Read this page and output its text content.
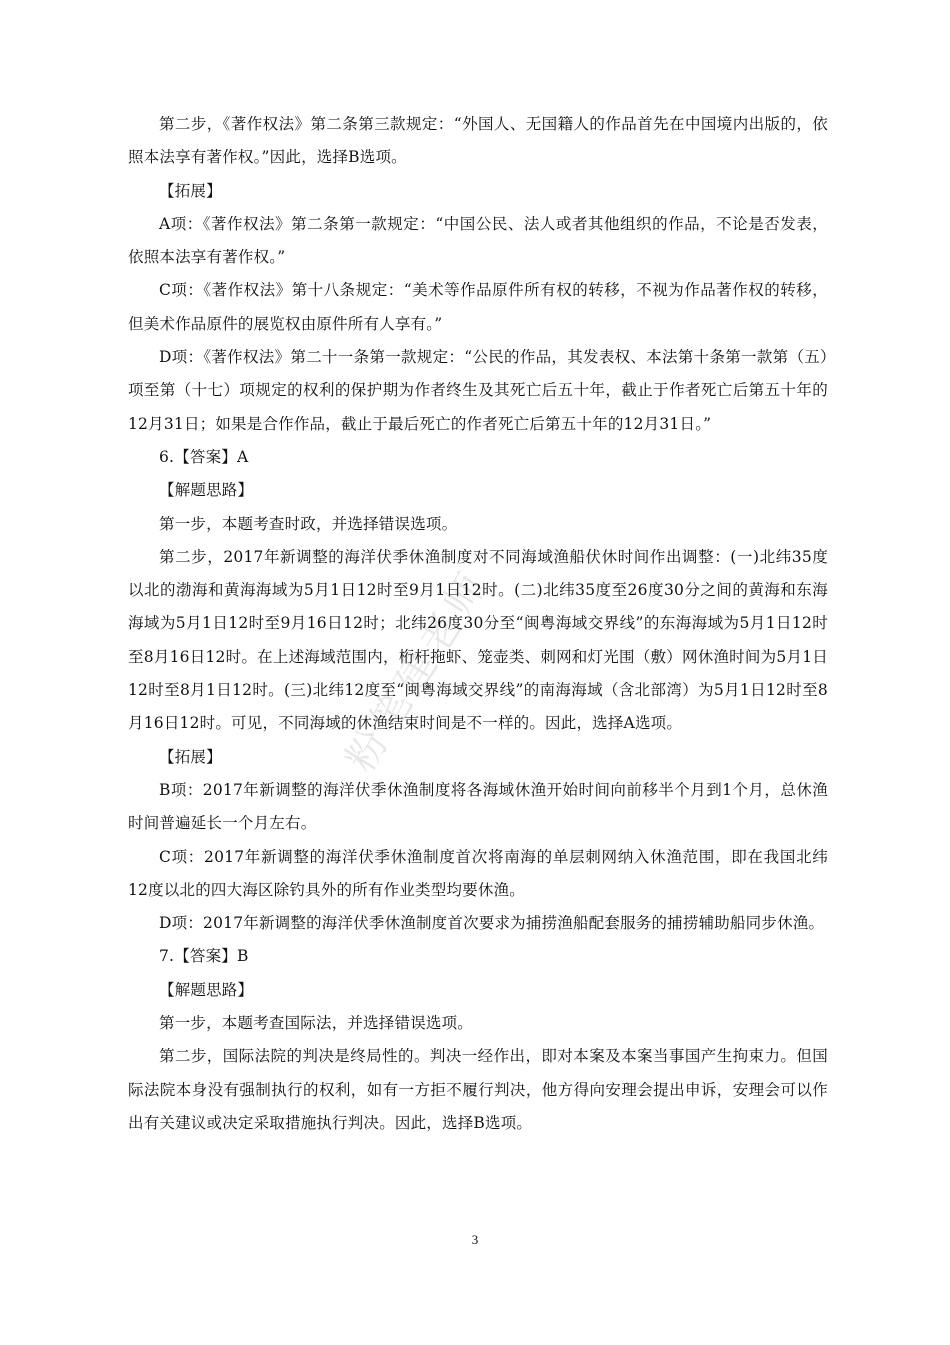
粉笔建老师

第二步，《著作权法》第二条第三款规定：“外国人、无国籍人的作品首先在中国境内出版的，依照本法享有著作权。”因此，选择B选项。

【拓展】

A项：《著作权法》第二条第一款规定：“中国公民、法人或者其他组织的作品，不论是否发表，依照本法享有著作权。”

C项：《著作权法》第十八条规定：“美术等作品原件所有权的转移，不视为作品著作权的转移，但美术作品原件的展览权由原件所有人享有。”

D项：《著作权法》第二十一条第一款规定：“公民的作品，其发表权、本法第十条第一款第（五）项至第（十七）项规定的权利的保护期为作者终生及其死亡后五十年，截止于作者死亡后第五十年的12月31日；如果是合作作品，截止于最后死亡的作者死亡后第五十年的12月31日。”

6.【答案】A

【解题思路】

第一步，本题考查时政，并选择错误选项。

第二步，2017年新调整的海洋伏季休渔制度对不同海域渔船伏休时间作出调整：(一)北纬35度以北的渤海和黄海海域为5月1日12时至9月1日12时。(二)北纬35度至26度30分之间的黄海和东海海域为5月1日12时至9月16日12时；北纬26度30分至“闽粤海域交界线”的东海海域为5月1日12时至8月16日12时。在上述海域范围内，桁杆拖虾、笼壶类、刺网和灯光围（敷）网休渔时间为5月1日12时至8月1日12时。(三)北纬12度至“闽粤海域交界线”的南海海域（含北部湾）为5月1日12时至8月16日12时。可见，不同海域的休渔结束时间是不一样的。因此，选择A选项。

【拓展】

B项：2017年新调整的海洋伏季休渔制度将各海域休渔开始时间向前移半个月到1个月，总休渔时间普遍延长一个月左右。

C项：2017年新调整的海洋伏季休渔制度首次将南海的单层刺网纳入休渔范围，即在我国北纬12度以北的四大海区除钓具外的所有作业类型均要休渔。

D项：2017年新调整的海洋伏季休渔制度首次要求为捕捞渔船配套服务的捕捞辅助船同步休渔。

7.【答案】B

【解题思路】

第一步，本题考查国际法，并选择错误选项。

第二步，国际法院的判决是终局性的。判决一经作出，即对本案及本案当事国产生拘束力。但国际法院本身没有强制执行的权利，如有一方拒不履行判决，他方得向安理会提出申诉，安理会可以作出有关建议或决定采取措施执行判决。因此，选择B选项。

3
